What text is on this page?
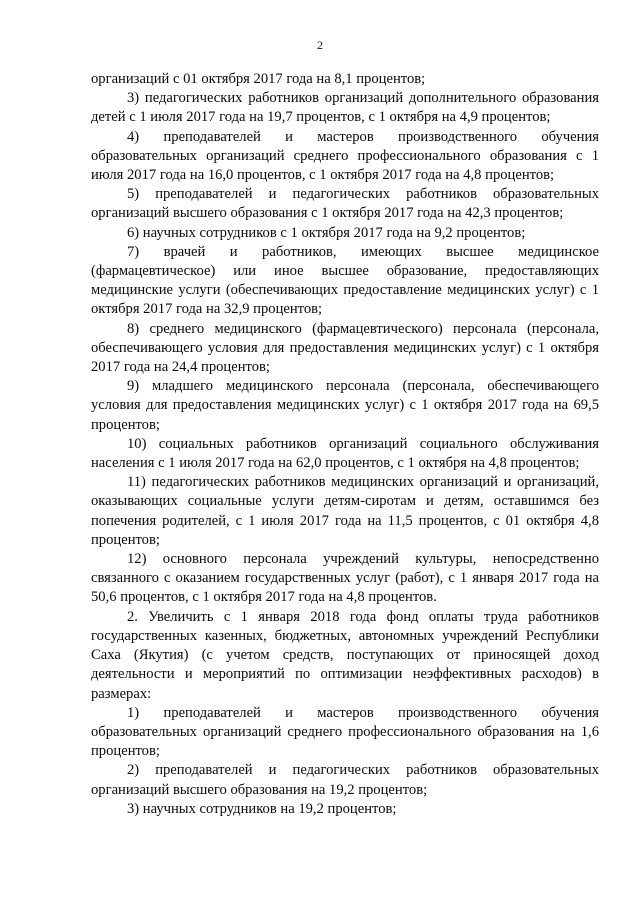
2

организаций с 01 октября 2017 года на 8,1 процентов;

3) педагогических работников организаций дополнительного образования детей с 1 июля 2017 года на 19,7 процентов, с 1 октября на 4,9 процентов;

4) преподавателей и мастеров производственного обучения образовательных организаций среднего профессионального образования с 1 июля 2017 года на 16,0 процентов, с 1 октября 2017 года на 4,8 процентов;

5) преподавателей и педагогических работников образовательных организаций высшего образования с 1 октября 2017 года на 42,3 процентов;

6) научных сотрудников с 1 октября 2017 года на 9,2 процентов;

7) врачей и работников, имеющих высшее медицинское (фармацевтическое) или иное высшее образование, предоставляющих медицинские услуги (обеспечивающих предоставление медицинских услуг) с 1 октября 2017 года на 32,9 процентов;

8) среднего медицинского (фармацевтического) персонала (персонала, обеспечивающего условия для предоставления медицинских услуг) с 1 октября 2017 года на 24,4 процентов;

9) младшего медицинского персонала (персонала, обеспечивающего условия для предоставления медицинских услуг) с 1 октября 2017 года на 69,5 процентов;

10) социальных работников организаций социального обслуживания населения с 1 июля 2017 года на 62,0 процентов, с 1 октября на 4,8 процентов;

11) педагогических работников медицинских организаций и организаций, оказывающих социальные услуги детям-сиротам и детям, оставшимся без попечения родителей, с 1 июля 2017 года на 11,5 процентов, с 01 октября 4,8 процентов;

12) основного персонала учреждений культуры, непосредственно связанного с оказанием государственных услуг (работ), с 1 января 2017 года на 50,6 процентов, с 1 октября 2017 года на 4,8 процентов.

2. Увеличить с 1 января 2018 года фонд оплаты труда работников государственных казенных, бюджетных, автономных учреждений Республики Саха (Якутия) (с учетом средств, поступающих от приносящей доход деятельности и мероприятий по оптимизации неэффективных расходов) в размерах:

1) преподавателей и мастеров производственного обучения образовательных организаций среднего профессионального образования на 1,6 процентов;

2) преподавателей и педагогических работников образовательных организаций высшего образования на 19,2 процентов;

3) научных сотрудников на 19,2 процентов;
